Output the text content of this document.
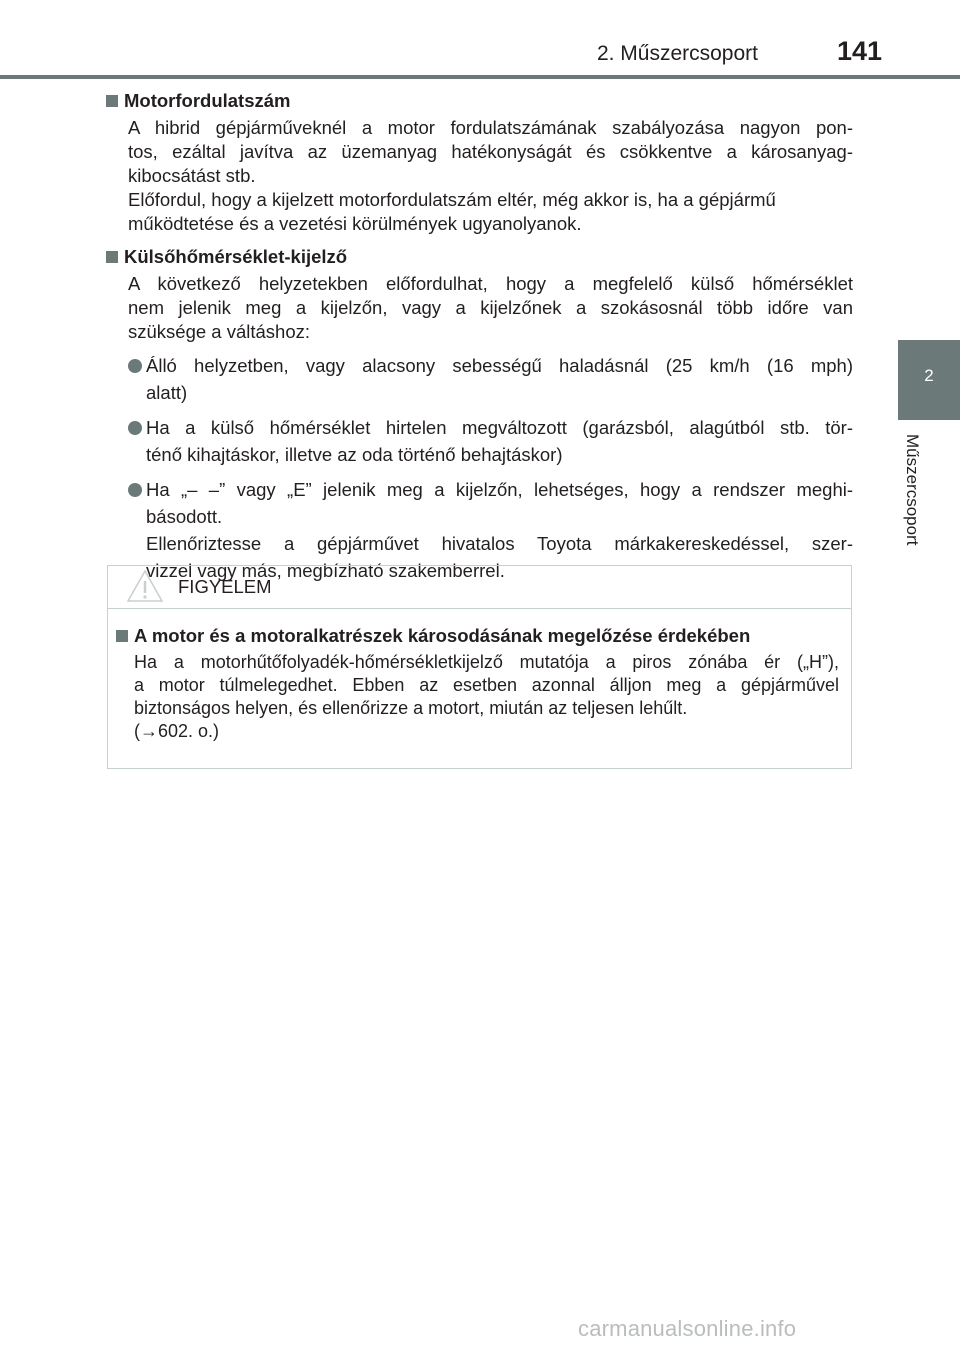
2. Műszercsoport	141
2
Műszercsoport
Motorfordulatszám
A hibrid gépjárműveknél a motor fordulatszámának szabályozása nagyon pon-
tos, ezáltal javítva az üzemanyag hatékonyságát és csökkentve a károsanyag-
kibocsátást stb.
Előfordul, hogy a kijelzett motorfordulatszám eltér, még akkor is, ha a gépjármű
működtetése és a vezetési körülmények ugyanolyanok.
Külsőhőmérséklet-kijelző
A következő helyzetekben előfordulhat, hogy a megfelelő külső hőmérséklet
nem jelenik meg a kijelzőn, vagy a kijelzőnek a szokásosnál több időre van
szüksége a váltáshoz:
Álló helyzetben, vagy alacsony sebességű haladásnál (25 km/h (16 mph)
alatt)
Ha a külső hőmérséklet hirtelen megváltozott (garázsból, alagútból stb. tör-
ténő kihajtáskor, illetve az oda történő behajtáskor)
Ha „– –” vagy „E” jelenik meg a kijelzőn, lehetséges, hogy a rendszer meghi-
básodott.
Ellenőriztesse a gépjárművet hivatalos Toyota márkakereskedéssel, szer-
vizzel vagy más, megbízható szakemberrel.
FIGYELEM
A motor és a motoralkatrészek károsodásának megelőzése érdekében
Ha a motorhűtőfolyadék-hőmérsékletkijelző mutatója a piros zónába ér („H”),
a motor túlmelegedhet. Ebben az esetben azonnal álljon meg a gépjárművel
biztonságos helyen, és ellenőrizze a motort, miután az teljesen lehűlt.
(→602. o.)
carmanualsonline.info
